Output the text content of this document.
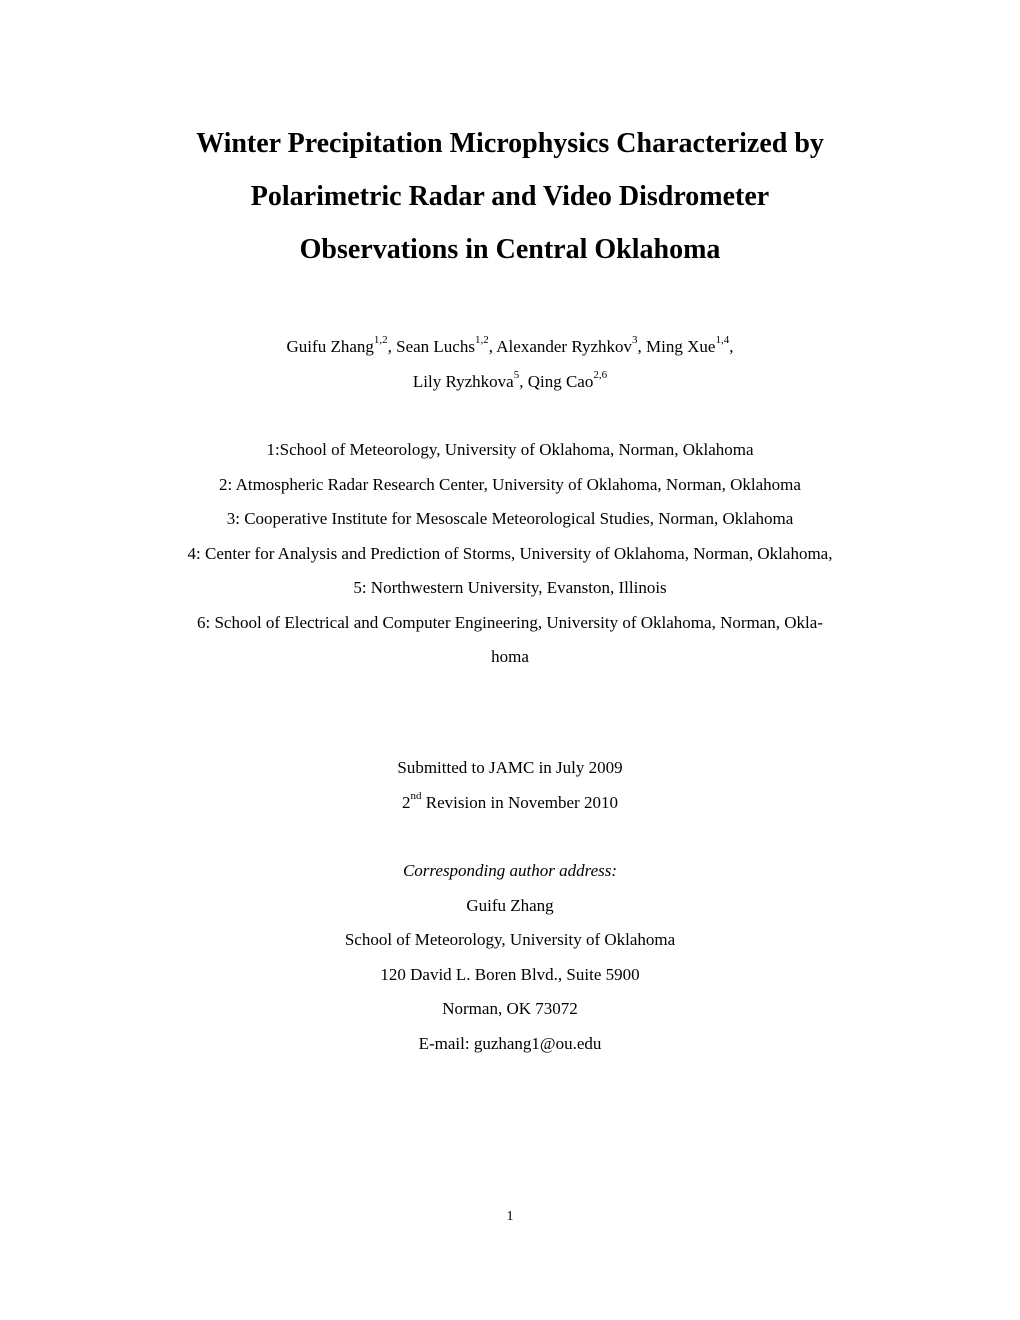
Winter Precipitation Microphysics Characterized by
Polarimetric Radar and Video Disdrometer
Observations in Central Oklahoma
Guifu Zhang$^{1,2}$, Sean Luchs$^{1,2}$, Alexander Ryzhkov$^3$, Ming Xue$^{1,4}$,
Lily Ryzhkova$^5$, Qing Cao$^{2,6}$
1:School of Meteorology, University of Oklahoma, Norman, Oklahoma
2: Atmospheric Radar Research Center, University of Oklahoma, Norman, Oklahoma
3: Cooperative Institute for Mesoscale Meteorological Studies, Norman, Oklahoma
4: Center for Analysis and Prediction of Storms, University of Oklahoma, Norman, Oklahoma,
5: Northwestern University, Evanston, Illinois
6: School of Electrical and Computer Engineering, University of Oklahoma, Norman, Okla-
homa
Submitted to JAMC in July 2009
2nd Revision in November 2010
Corresponding author address:
Guifu Zhang
School of Meteorology, University of Oklahoma
120 David L. Boren Blvd., Suite 5900
Norman, OK 73072
E-mail: guzhang1@ou.edu
1
